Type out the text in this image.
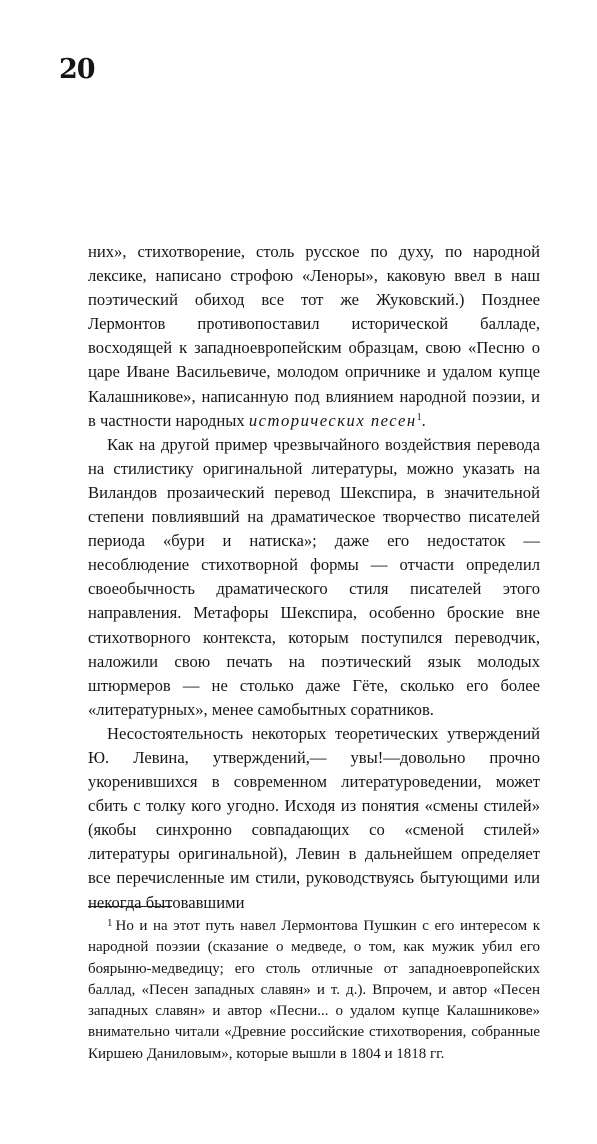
20

них», стихотворение, столь русское по духу, по народной лексике, написано строфою «Леноры», каковую ввел в наш поэтический обиход все тот же Жуковский.) Позднее Лермонтов противопоставил исторической балладе, восходящей к западноевропейским образцам, свою «Песню о царе Иване Васильевиче, молодом опричнике и удалом купце Калашникове», написанную под влиянием народной поэзии, и в частности народных исторических песен$^1$.

Как на другой пример чрезвычайного воздействия перевода на стилистику оригинальной литературы, можно указать на Виландов прозаический перевод Шекспира, в значительной степени повлиявший на драматическое творчество писателей периода «бури и натиска»; даже его недостаток — несоблюдение стихотворной формы — отчасти определил своеобычность драматического стиля писателей этого направления. Метафоры Шекспира, особенно броские вне стихотворного контекста, которым поступился переводчик, наложили свою печать на поэтический язык молодых штюрмеров — не столько даже Гёте, сколько его более «литературных», менее самобытных соратников.

Несостоятельность некоторых теоретических утверждений Ю. Левина, утверждений,— увы!—довольно прочно укоренившихся в современном литературоведении, может сбить с толку кого угодно. Исходя из понятия «смены стилей» (якобы синхронно совпадающих со «сменой стилей» литературы оригинальной), Левин в дальнейшем определяет все перечисленные им стили, руководствуясь бытующими или некогда бытовавшими

$^1$ Но и на этот путь навел Лермонтова Пушкин с его интересом к народной поэзии (сказание о медведе, о том, как мужик убил его боярыню-медведицу; его столь отличные от западноевропейских баллад, «Песен западных славян» и т. д.). Впрочем, и автор «Песен западных славян» и автор «Песни... о удалом купце Калашникове» внимательно читали «Древние российские стихотворения, собранные Киршею Даниловым», которые вышли в 1804 и 1818 гг.
